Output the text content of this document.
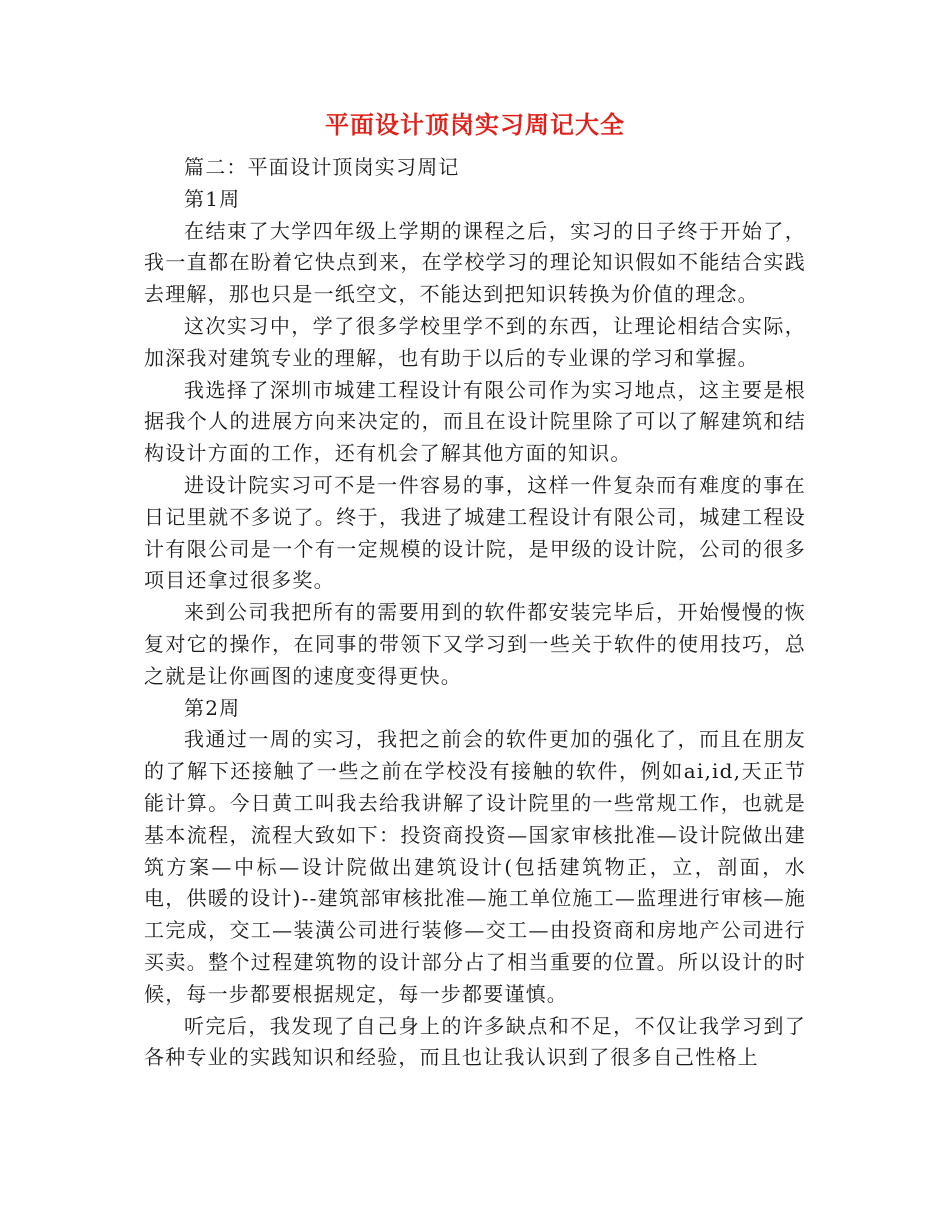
平面设计顶岗实习周记大全

篇二：平面设计顶岗实习周记

第1周

在结束了大学四年级上学期的课程之后，实习的日子终于开始了，我一直都在盼着它快点到来，在学校学习的理论知识假如不能结合实践去理解，那也只是一纸空文，不能达到把知识转换为价值的理念。

这次实习中，学了很多学校里学不到的东西，让理论相结合实际，加深我对建筑专业的理解，也有助于以后的专业课的学习和掌握。

我选择了深圳市城建工程设计有限公司作为实习地点，这主要是根据我个人的进展方向来决定的，而且在设计院里除了可以了解建筑和结构设计方面的工作，还有机会了解其他方面的知识。

进设计院实习可不是一件容易的事，这样一件复杂而有难度的事在日记里就不多说了。终于，我进了城建工程设计有限公司，城建工程设计有限公司是一个有一定规模的设计院，是甲级的设计院，公司的很多项目还拿过很多奖。

来到公司我把所有的需要用到的软件都安装完毕后，开始慢慢的恢复对它的操作，在同事的带领下又学习到一些关于软件的使用技巧，总之就是让你画图的速度变得更快。

第2周

我通过一周的实习，我把之前会的软件更加的强化了，而且在朋友的了解下还接触了一些之前在学校没有接触的软件，例如ai,id,天正节能计算。今日黄工叫我去给我讲解了设计院里的一些常规工作，也就是基本流程，流程大致如下：投资商投资—国家审核批准—设计院做出建筑方案—中标—设计院做出建筑设计(包括建筑物正，立，剖面，水电，供暖的设计)--建筑部审核批准—施工单位施工—监理进行审核—施工完成，交工—装潢公司进行装修—交工—由投资商和房地产公司进行买卖。整个过程建筑物的设计部分占了相当重要的位置。所以设计的时候，每一步都要根据规定，每一步都要谨慎。

听完后，我发现了自己身上的许多缺点和不足，不仅让我学习到了各种专业的实践知识和经验，而且也让我认识到了很多自己性格上
